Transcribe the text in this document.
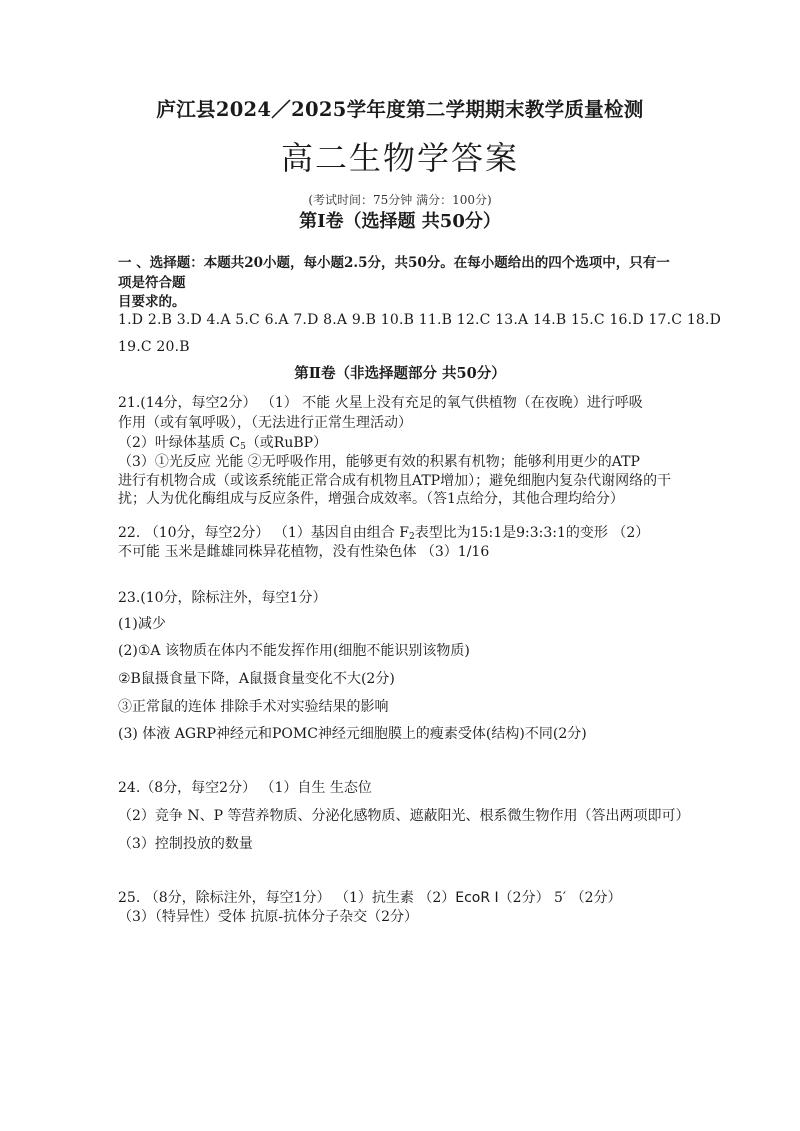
庐江县2024／2025学年度第二学期期末教学质量检测
高二生物学答案
(考试时间：75分钟 满分：100分)
第Ⅰ卷（选择题 共50分）
一 、选择题：本题共20小题，每小题2.5分，共50分。在每小题给出的四个选项中，只有一
项是符合题
目要求的。
1.D 2.B 3.D 4.A 5.C 6.A 7.D 8.A 9.B 10.B 11.B 12.C 13.A 14.B 15.C 16.D 17.C 18.D
19.C 20.B
第Ⅱ卷（非选择题部分 共50分）
21.(14分，每空2分） （1） 不能 火星上没有充足的氧气供植物（在夜晚）进行呼吸
作用（或有氧呼吸），（无法进行正常生理活动）
（2）叶绿体基质 $C_5$（或RuBP）
（3）①光反应 光能 ②无呼吸作用，能够更有效的积累有机物；能够利用更少的ATP
进行有机物合成（或该系统能正常合成有机物且ATP增加）；避免细胞内复杂代谢网络的干
扰；人为优化酶组成与反应条件，增强合成效率。（答1点给分，其他合理均给分）
22. （10分，每空2分） （1）基因自由组合 $F_2$表型比为15:1是9:3:3:1的变形 （2）
不可能 玉米是雌雄同株异花植物，没有性染色体 （3）1/16
23.(10分，除标注外，每空1分）
(1)减少
(2)①A 该物质在体内不能发挥作用(细胞不能识别该物质)
②B鼠摄食量下降，A鼠摄食量变化不大(2分)
③正常鼠的连体 排除手术对实验结果的影响
(3) 体液 AGRP神经元和POMC神经元细胞膜上的瘦素受体(结构)不同(2分)
24.（8分，每空2分） （1）自生 生态位
（2）竞争 N、P 等营养物质、分泌化感物质、遮蔽阳光、根系微生物作用（答出两项即可）
（3）控制投放的数量
25. （8分，除标注外，每空1分） （1）抗生素 （2）EcoR Ⅰ（2分） 5′ （2分）
（3）（特异性）受体 抗原-抗体分子杂交（2分）
